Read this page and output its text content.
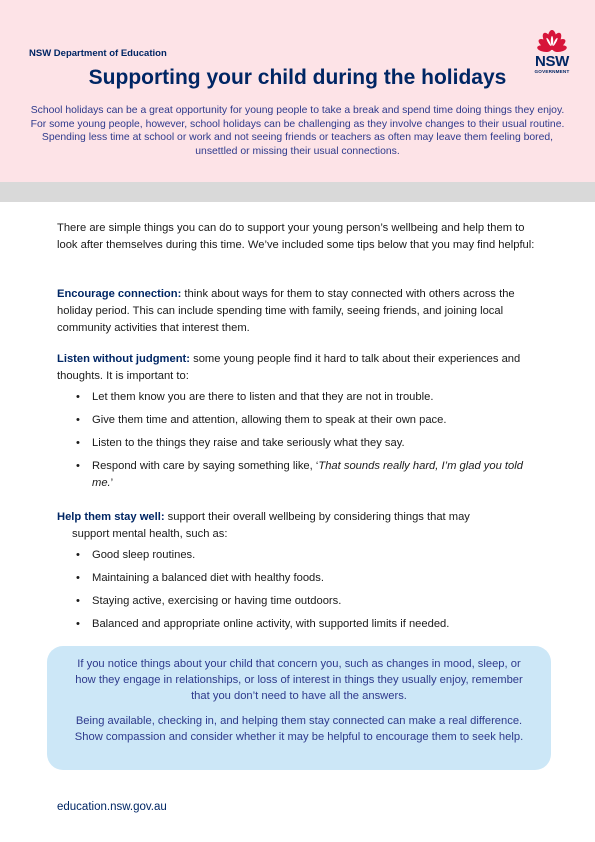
NSW Department of Education	NSW
GOVERNMENT
Supporting your child during the holidays
School holidays can be a great opportunity for young people to take a break and spend time doing things they enjoy. For some young people, however, school holidays can be challenging as they involve changes to their usual routine. Spending less time at school or work and not seeing friends or teachers as often may leave them feeling bored, unsettled or missing their usual connections.
There are simple things you can do to support your young person’s wellbeing and help them to look after themselves during this time. We’ve included some tips below that you may find helpful:
Encourage connection: think about ways for them to stay connected with others across the holiday period. This can include spending time with family, seeing friends, and joining local community activities that interest them.
Listen without judgment: some young people find it hard to talk about their experiences and thoughts. It is important to:
• Let them know you are there to listen and that they are not in trouble.
• Give them time and attention, allowing them to speak at their own pace.
• Listen to the things they raise and take seriously what they say.
• Respond with care by saying something like, ‘That sounds really hard, I’m glad you told me.’
Help them stay well: support their overall wellbeing by considering things that may
support mental health, such as:
• Good sleep routines.
• Maintaining a balanced diet with healthy foods.
• Staying active, exercising or having time outdoors.
• Balanced and appropriate online activity, with supported limits if needed.

If you notice things about your child that concern you, such as changes in mood, sleep, or how they engage in relationships, or loss of interest in things they usually enjoy, remember that you don’t need to have all the answers.

Being available, checking in, and helping them stay connected can make a real difference. Show compassion and consider whether it may be helpful to encourage them to seek help.

education.nsw.gov.au
